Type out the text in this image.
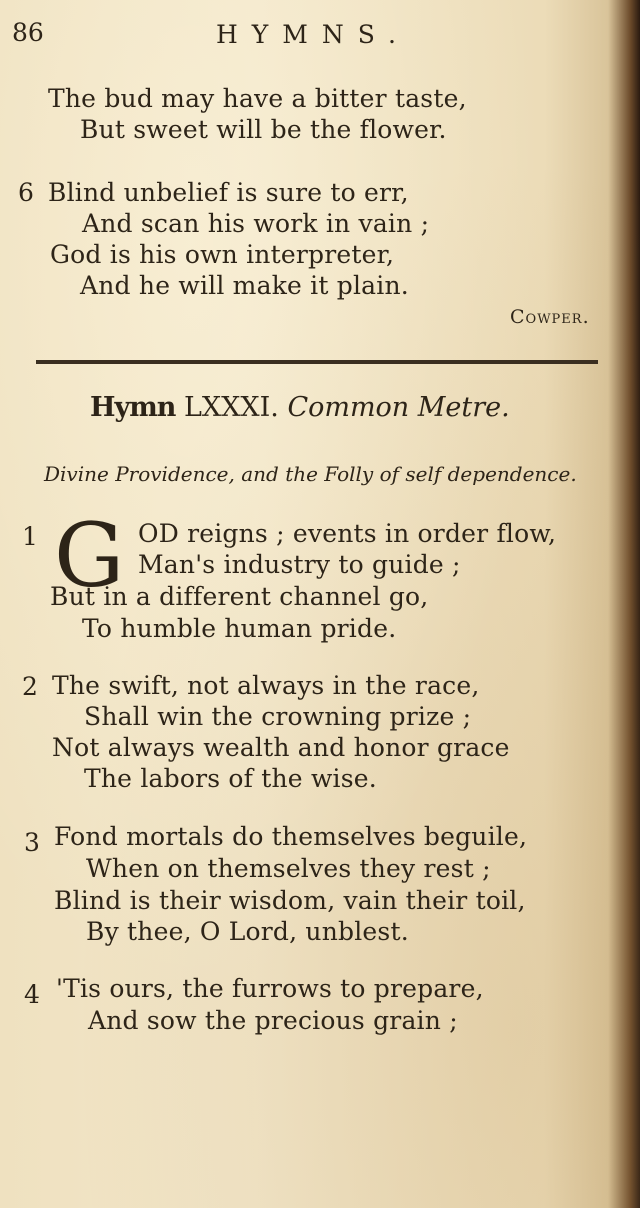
86	HYMNS.
The bud may have a bitter taste,
But sweet will be the flower.
6 Blind unbelief is sure to err,
And scan his work in vain ;
God is his own interpreter,
And he will make it plain.
Cowper.
Hymn LXXXI. Common Metre.
Divine Providence, and the Folly of self dependence.
1 G OD reigns ; events in order flow,
Man's industry to guide ;
But in a different channel go,
To humble human pride.
2 The swift, not always in the race,
Shall win the crowning prize ;
Not always wealth and honor grace
The labors of the wise.
3 Fond mortals do themselves beguile,
When on themselves they rest ;
Blind is their wisdom, vain their toil,
By thee, O Lord, unblest.
4 'Tis ours, the furrows to prepare,
And sow the precious grain ;
